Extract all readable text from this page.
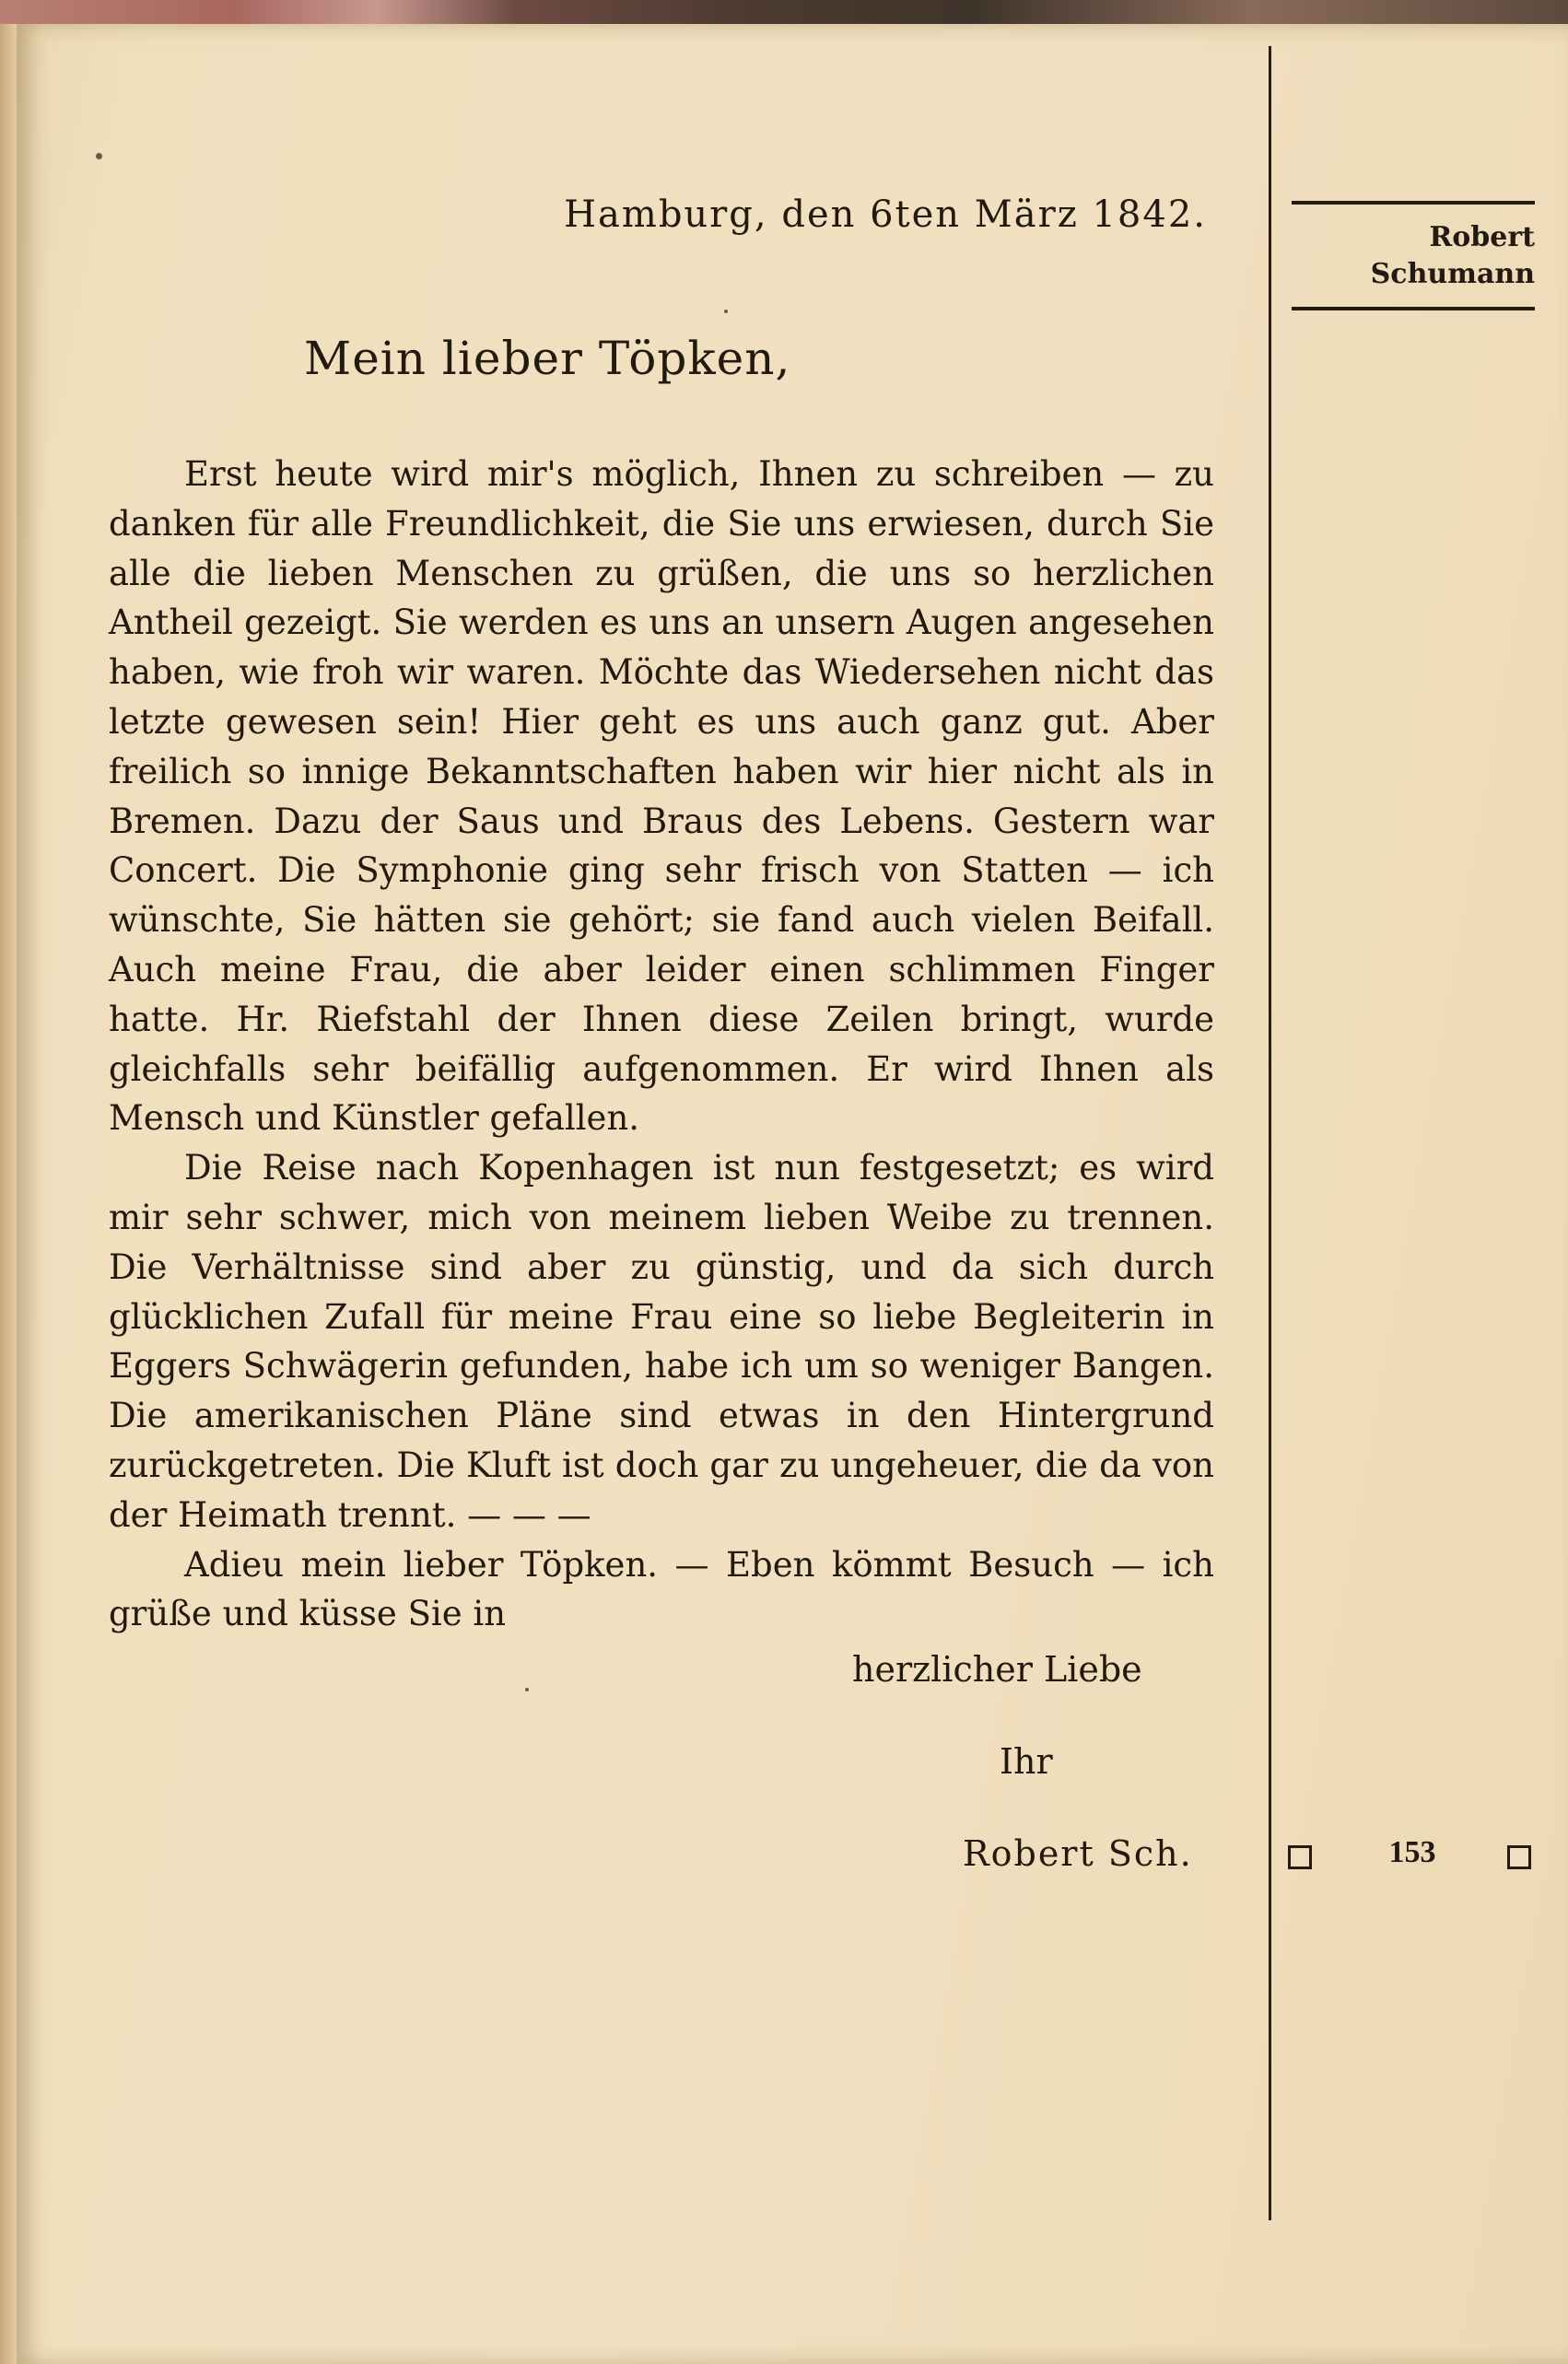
Hamburg, den 6ten März 1842.
Mein lieber Töpken,

Erst heute wird mir's möglich, Ihnen zu schreiben — zu danken für alle Freundlichkeit, die Sie uns erwiesen, durch Sie alle die lieben Menschen zu grüßen, die uns so herzlichen Antheil gezeigt. Sie werden es uns an unsern Augen angesehen haben, wie froh wir waren. Möchte das Wiedersehen nicht das letzte gewesen sein! Hier geht es uns auch ganz gut. Aber freilich so innige Bekanntschaften haben wir hier nicht als in Bremen. Dazu der Saus und Braus des Lebens. Gestern war Concert. Die Symphonie ging sehr frisch von Statten — ich wünschte, Sie hätten sie gehört; sie fand auch vielen Beifall. Auch meine Frau, die aber leider einen schlimmen Finger hatte. Hr. Riefstahl der Ihnen diese Zeilen bringt, wurde gleichfalls sehr beifällig aufgenommen. Er wird Ihnen als Mensch und Künstler gefallen.

Die Reise nach Kopenhagen ist nun festgesetzt; es wird mir sehr schwer, mich von meinem lieben Weibe zu trennen. Die Verhältnisse sind aber zu günstig, und da sich durch glücklichen Zufall für meine Frau eine so liebe Begleiterin in Eggers Schwägerin gefunden, habe ich um so weniger Bangen. Die amerikanischen Pläne sind etwas in den Hintergrund zurückgetreten. Die Kluft ist doch gar zu ungeheuer, die da von der Heimath trennt. — — —

Adieu mein lieber Töpken. — Eben kömmt Besuch — ich grüße und küsse Sie in

herzlicher Liebe
Ihr
Robert Sch.
Robert
Schumann
153
